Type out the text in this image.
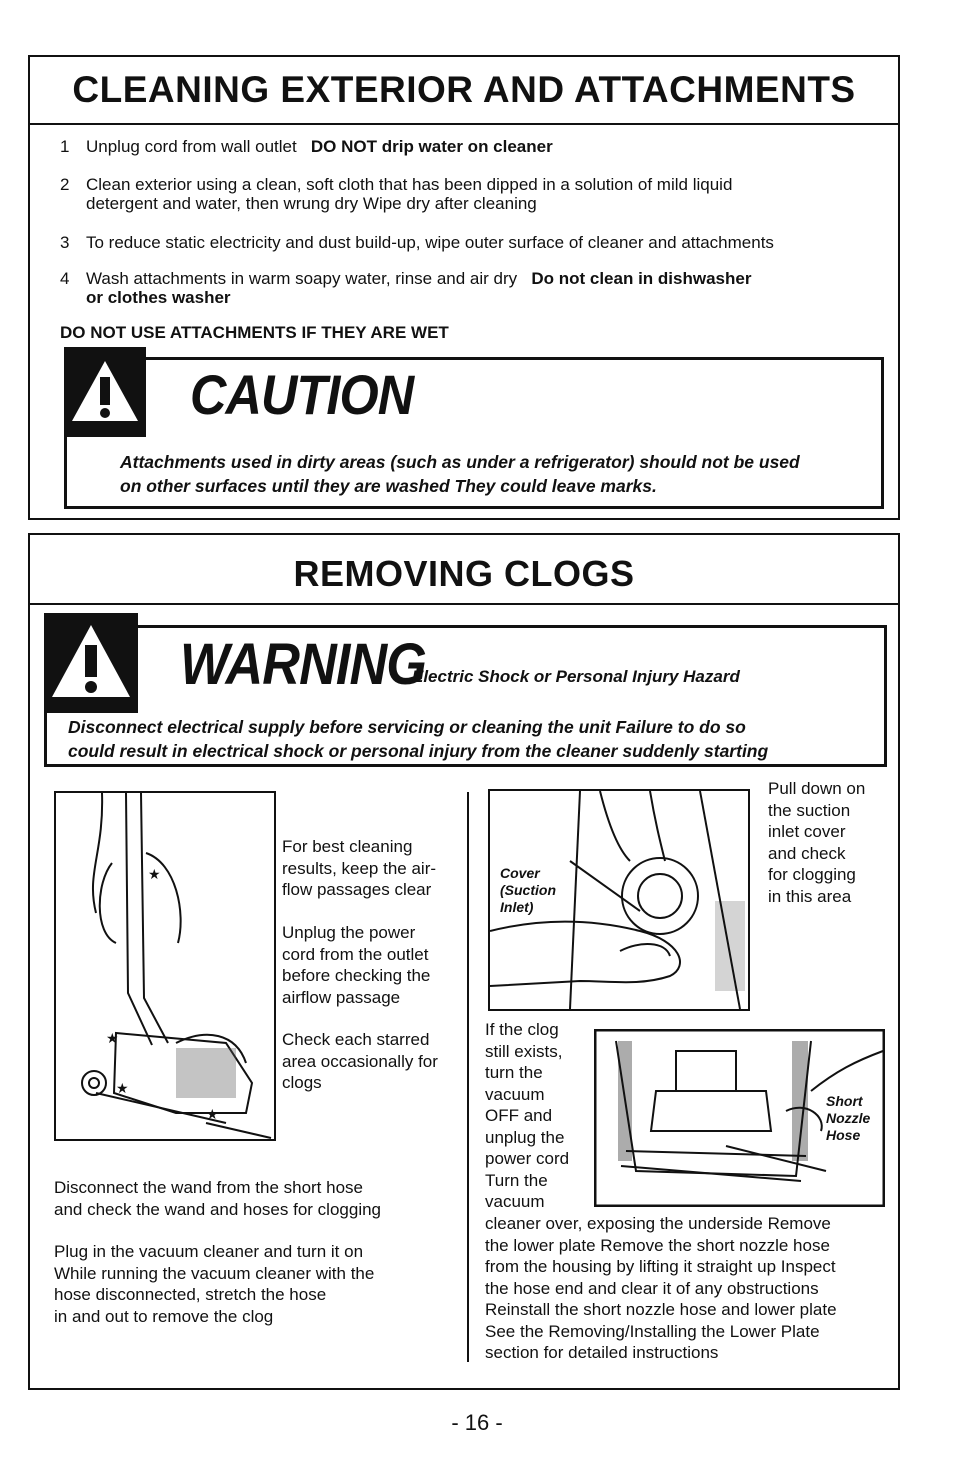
CLEANING EXTERIOR AND ATTACHMENTS
1 Unplug cord from wall outlet DO NOT drip water on cleaner
2 Clean exterior using a clean, soft cloth that has been dipped in a solution of mild liquid
detergent and water, then wrung dry Wipe dry after cleaning
3 To reduce static electricity and dust build-up, wipe outer surface of cleaner and attachments
4 Wash attachments in warm soapy water, rinse and air dry Do not clean in dishwasher
or clothes washer
DO NOT USE ATTACHMENTS IF THEY ARE WET
CAUTION
Attachments used in dirty areas (such as under a refrigerator) should not be used
on other surfaces until they are washed They could leave marks.
REMOVING CLOGS
WARNING
Electric Shock or Personal Injury Hazard
Disconnect electrical supply before servicing or cleaning the unit Failure to do so
could result in electrical shock or personal injury from the cleaner suddenly starting
★
★
★
★
For best cleaning
results, keep the air-
flow passages clear
Unplug the power
cord from the outlet
before checking the
airflow passage
Check each starred
area occasionally for
clogs
Disconnect the wand from the short hose
and check the wand and hoses for clogging
Plug in the vacuum cleaner and turn it on
While running the vacuum cleaner with the
hose disconnected, stretch the hose
in and out to remove the clog
Cover
(Suction
Inlet)
Pull down on
the suction
inlet cover
and check
for clogging
in this area
If the clog
still exists,
turn the
vacuum
OFF and
unplug the
power cord
Turn the
vacuum
Short
Nozzle
Hose
cleaner over, exposing the underside Remove
the lower plate Remove the short nozzle hose
from the housing by lifting it straight up Inspect
the hose end and clear it of any obstructions
Reinstall the short nozzle hose and lower plate
See the Removing/Installing the Lower Plate
section for detailed instructions
- 16 -
